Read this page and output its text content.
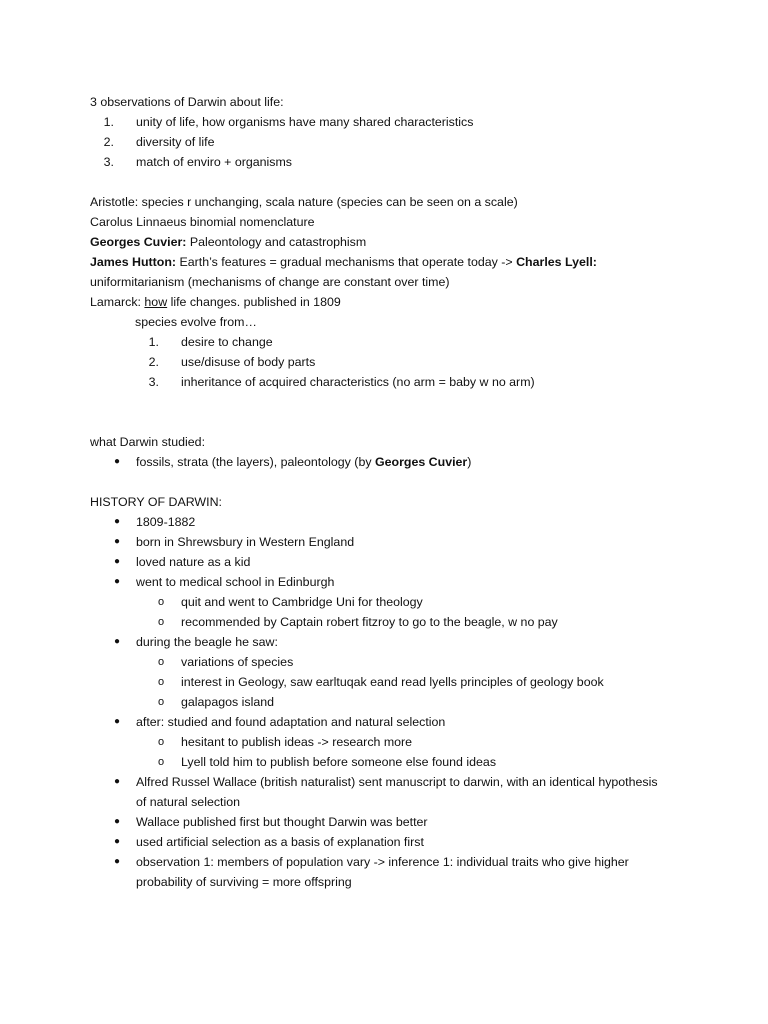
3 observations of Darwin about life:
1. unity of life, how organisms have many shared characteristics
2. diversity of life
3. match of enviro + organisms
Aristotle: species r unchanging, scala nature (species can be seen on a scale)
Carolus Linnaeus binomial nomenclature
Georges Cuvier: Paleontology and catastrophism
James Hutton: Earth’s features = gradual mechanisms that operate today -> Charles Lyell:
uniformitarianism (mechanisms of change are constant over time)
Lamarck: how life changes. published in 1809
species evolve from…
1. desire to change
2. use/disuse of body parts
3. inheritance of acquired characteristics (no arm = baby w no arm)
what Darwin studied:
● fossils, strata (the layers), paleontology (by Georges Cuvier)
HISTORY OF DARWIN:
● 1809-1882
● born in Shrewsbury in Western England
● loved nature as a kid
● went to medical school in Edinburgh
o quit and went to Cambridge Uni for theology
o recommended by Captain robert fitzroy to go to the beagle, w no pay
● during the beagle he saw:
o variations of species
o interest in Geology, saw earltuqak eand read lyells principles of geology book
o galapagos island
● after: studied and found adaptation and natural selection
o hesitant to publish ideas -> research more
o Lyell told him to publish before someone else found ideas
● Alfred Russel Wallace (british naturalist) sent manuscript to darwin, with an identical hypothesis
of natural selection
● Wallace published first but thought Darwin was better
● used artificial selection as a basis of explanation first
● observation 1: members of population vary -> inference 1: individual traits who give higher
probability of surviving = more offspring
